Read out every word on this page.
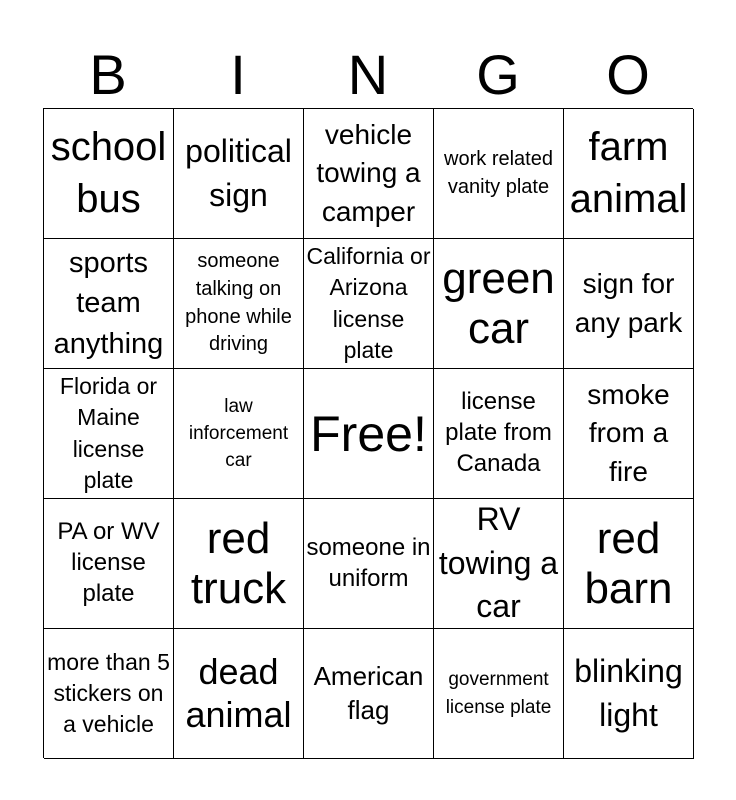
B	I	N	G	O
school bus
political sign
vehicle towing a camper
work related vanity plate
farm animal
sports team anything
someone talking on phone while driving
California or Arizona license plate
green car
sign for any park
Florida or Maine license plate
law inforcement car	Free!
license plate from Canada
smoke from a fire
PA or WV license plate
red truck
someone in uniform
RV towing a car
red barn
more than 5 stickers on a vehicle
dead animal
American flag
government license plate
blinking light
